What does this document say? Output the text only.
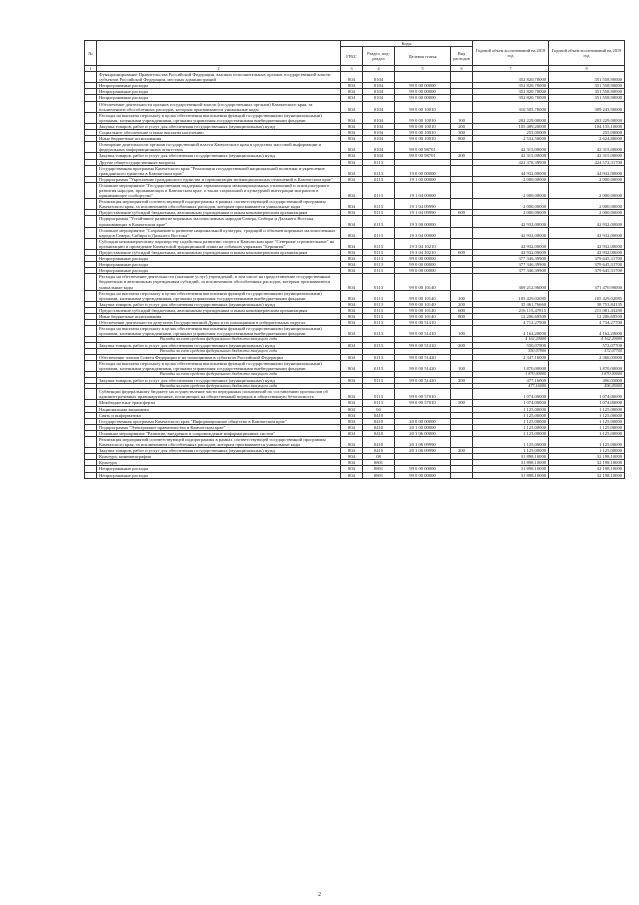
№		Коды				Годовой объем ассигнований на 2018 год	Годовой объем ассигнований на 2019 год
		ГРБС	Раздел, под-раздел	Целевая статья	Вид расходов		
1	2	3	4	5	6	7	8
	Функционирование Правительства Российской Федерации, высших исполнительных органов государственной власти субъектов Российской Федерации, местных администраций	804	0104			352 820,70000	351 558,90000
	Непрограммные расходы	804	0104	99 0 00 00000		352 820,70000	351 558,90000
	Непрограммные расходы	804	0104	99 0 00 00000		352 820,70000	351 558,90000
	Непрограммные расходы	804	0104	99 0 00 00000		352 820,70000	351 558,90000
	Обеспечение деятельности органов государственной власти (государственных органов) Камчатского края, за исключением обособленных расходов, которым присваиваются уникальные коды	804	0104	99 0 00 10010		310 505,70000	309 243,90000
	Расходы на выплаты персоналу в целях обеспечения выполнения функций государственными (муниципальными) органами, казенными учреждениями, органами управления государственными внебюджетными фондами	804	0104	99 0 00 10010	100	202 229,00000	202 229,00000
	Закупка товаров, работ и услуг для обеспечения государственных (муниципальных) нужд	804	0104	99 0 00 10010	200	105 489,20000	104 135,10000
	Социальное обеспечение и иные выплаты населению	804	0104	99 0 00 10010	300	255,00000	255,00000
	Иные бюджетные ассигнования	804	0104	99 0 00 10010	800	2 532,50000	2 624,80000
	Освещение деятельности органов государственной власти Камчатского края в средствах массовой информации и федеральных информационных агентствах	804	0104	99 0 00 98701		42 315,00000	42 315,00000
	Закупка товаров, работ и услуг для обеспечения государственных (муниципальных) нужд	804	0104	99 0 00 98701	200	42 315,00000	42 315,00000
	Другие общегосударственные вопросы	804	0113			422 378,39900	424 572,31700
	Государственная программа Камчатского края "Реализация государственной национальной политики и укрепление гражданского единства в Камчатском крае"	804	0113	19 0 00 00000		44 932,00000	44 932,00000
	Подпрограмма "Укрепление гражданского единства и гармонизация межнациональных отношений в Камчатском крае"	804	0113	19 1 00 00000		2 000,00000	2 000,00000
	Основное мероприятие "Государственная поддержка гармонизации межнациональных отношений и этнокультурного развития народов, проживающих в Камчатском крае, а также социальной и культурной интеграции мигрантов в принимающее сообщество"	804	0113	19 1 04 00000		2 000,00000	2 000,00000
	Реализация мероприятий соответствующей подпрограммы в рамках соответствующей государственной программы Камчатского края, за исключением обособленных расходов, которым присваиваются уникальные коды	804	0113	19 1 04 09990		2 000,00000	2 000,00000
	Предоставление субсидий бюджетным, автономным учреждениям и иным некоммерческим организациям	804	0113	19 1 04 09990	600	2 000,00000	2 000,00000
	Подпрограмма "Устойчивое развитие коренных малочисленных народов Севера, Сибири и Дальнего Востока, проживающих в Камчатском крае"	804	0113	19 3 00 00000		42 932,00000	42 932,00000
	Основное мероприятие "Сохранение и развитие национальной культуры, традиций и обычаев коренных малочисленных народов Севера, Сибири и Дальнего Востока"	804	0113	19 3 04 00000		42 932,00000	42 932,00000
	Субсидия некоммерческому партнерству содействия развитию спорта в Камчатском крае "Северные стремительные" на организацию и проведение Камчатской традиционной гонки на собачьих упряжках "Берингия"	804	0113	19 3 04 10210		42 932,00000	42 932,00000
	Предоставление субсидий бюджетным, автономным учреждениям и иным некоммерческим организациям	804	0113	19 3 04 10210	600	42 932,00000	42 932,00000
	Непрограммные расходы	804	0113	99 0 00 00000		377 346,39900	379 645,31700
	Непрограммные расходы	804	0113	99 0 00 00000		377 346,39900	379 645,31700
	Непрограммные расходы	804	0113	99 0 00 00000		377 346,39900	379 645,31700
	Расходы на обеспечение деятельности (оказание услуг) учреждений, в том числе на предоставление государственным бюджетным и автономным учреждениям субсидий, за исключением обособленных расходов, которым присваиваются уникальные коды	804	0113	99 0 00 10140		369 212,96000	371 470,99000
	Расходы на выплаты персоналу в целях обеспечения выполнения функций государственными (муниципальными) органами, казенными учреждениями, органами управления государственными внебюджетными фондами	804	0113	99 0 00 10140	100	105 429,02085	105 429,02085
	Закупка товаров, работ и услуг для обеспечения государственных (муниципальных) нужд	804	0113	99 0 00 10140	200	35 461,76660	38 753,84135
	Предоставление субсидий бюджетным, автономным учреждениям и иным некоммерческим организациям	804	0113	99 0 00 10140	600	216 115,47815	215 081,43280
	Иные бюджетные ассигнования	804	0113	99 0 00 10140	800	12 206,69500	12 206,69500
	Обеспечение деятельности депутатов Государственной Думы и их помощников в избирательных округах	804	0113	99 0 00 51410		4 712,27900	4 734,27700
	Расходы на выплаты персоналу в целях обеспечения выполнения функций государственными (муниципальными) органами, казенными учреждениями, органами управления государственными внебюджетными фондами	804	0113	99 0 00 51410	100	4 162,20000	4 162,20000
	Расходы за счет средств федерального бюджета текущего года					4 162,20000	4 162,20000
	Закупка товаров, работ и услуг для обеспечения государственных (муниципальных) нужд	804	0113	99 0 00 51410	200	550,07900	572,07700
	Расходы за счет средств федерального бюджета текущего года					550,07900	572,07700
	Обеспечение членов Совета Федерации и их помощников в субъектах Российской Федерации	804	0113	99 0 00 51420		2 347,16000	2 366,05000
	Расходы на выплаты персоналу в целях обеспечения выполнения функций государственными (муниципальными) органами, казенными учреждениями, органами управления государственными внебюджетными фондами	804	0113	99 0 00 51420	100	1 870,00000	1 870,00000
	Расходы за счет средств федерального бюджета текущего года					1 870,00000	1 870,00000
	Закупка товаров, работ и услуг для обеспечения государственных (муниципальных) нужд	804	0113	99 0 00 51420	200	477,16000	496,05000
	Расходы за счет средств федерального бюджета текущего года					477,16000	496,05000
	Субвенции федеральному бюджету на осуществление части переданных полномочий по составлению протоколов об административных правонарушениях, посягающих на общественный порядок и общественную безопасность	804	0113	99 0 00 57010		1 074,00000	1 074,00000
	Межбюджетные трансферты	804	0113	99 0 00 57010	500	1 074,00000	1 074,00000
	Национальная экономика	804	04			1 125,00000	1 125,00000
	Связь и информатика	804	0410			1 125,00000	1 125,00000
	Государственная программа Камчатского края "Информационное общество в Камчатском крае"	804	0410	20 0 00 00000		1 125,00000	1 125,00000
	Подпрограмма "Электронное правительство в Камчатском крае"	804	0410	20 1 00 00000		1 125,00000	1 125,00000
	Основное мероприятие "Развитие, внедрение и сопровождение информационных систем"	804	0410	20 1 06 00000		1 125,00000	1 125,00000
	Реализация мероприятий соответствующей подпрограммы в рамках соответствующей государственной программы Камчатского края, за исключением обособленных расходов, которым присваиваются уникальные коды	804	0410	20 1 06 09990		1 125,00000	1 125,00000
	Закупка товаров, работ и услуг для обеспечения государственных (муниципальных) нужд	804	0410	20 1 06 09990	200	1 125,00000	1 125,00000
	Культура, кинематография	804	08			31 898,10000	32 198,10000
	Культура	804	0801			31 898,10000	32 198,10000
	Непрограммные расходы	804	0801	99 0 00 00000		31 898,10000	32 198,10000
	Непрограммные расходы	804	0801	99 0 00 00000		31 898,10000	32 198,10000
2
